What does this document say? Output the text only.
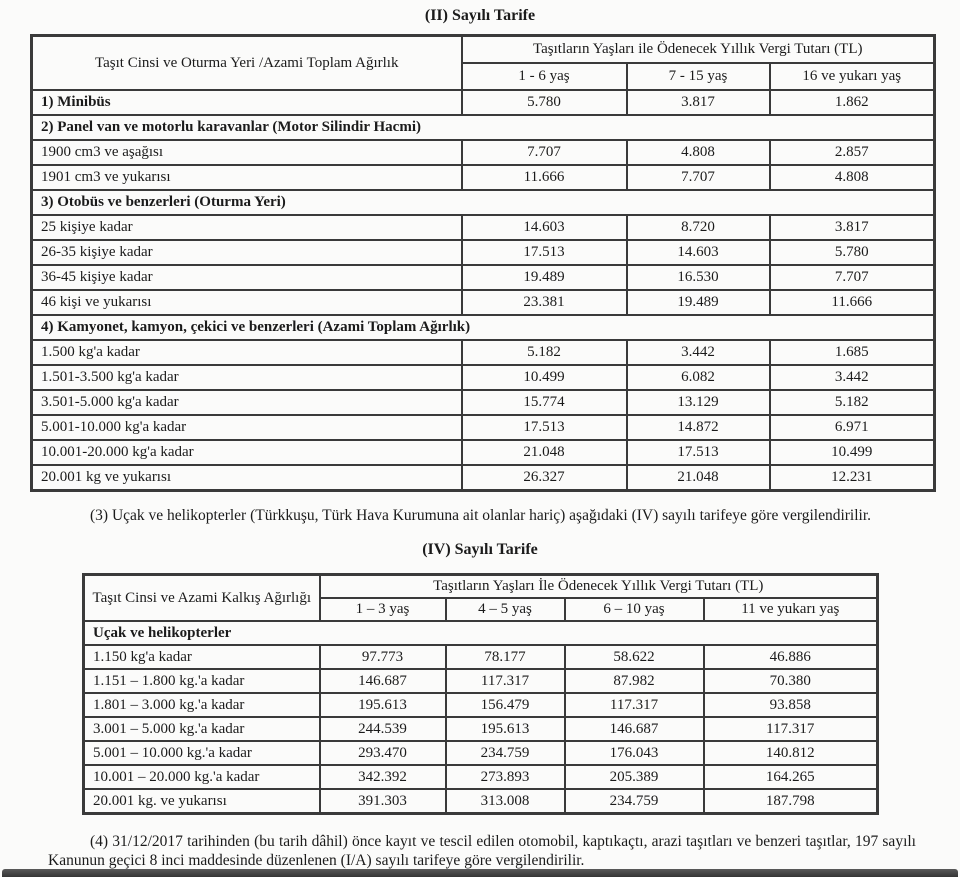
(II) Sayılı Tarife
Taşıt Cinsi ve Oturma Yeri /Azami Toplam Ağırlık	Taşıtların Yaşları ile Ödenecek Yıllık Vergi Tutarı (TL)		
	1 - 6 yaş	7 - 15 yaş	16 ve yukarı yaş
1) Minibüs	5.780	3.817	1.862
2) Panel van ve motorlu karavanlar (Motor Silindir Hacmi)			
1900 cm3 ve aşağısı	7.707	4.808	2.857
1901 cm3 ve yukarısı	11.666	7.707	4.808
3) Otobüs ve benzerleri (Oturma Yeri)			
25 kişiye kadar	14.603	8.720	3.817
26-35 kişiye kadar	17.513	14.603	5.780
36-45 kişiye kadar	19.489	16.530	7.707
46 kişi ve yukarısı	23.381	19.489	11.666
4) Kamyonet, kamyon, çekici ve benzerleri (Azami Toplam Ağırlık)			
1.500 kg'a kadar	5.182	3.442	1.685
1.501-3.500 kg'a kadar	10.499	6.082	3.442
3.501-5.000 kg'a kadar	15.774	13.129	5.182
5.001-10.000 kg'a kadar	17.513	14.872	6.971
10.001-20.000 kg'a kadar	21.048	17.513	10.499
20.001 kg ve yukarısı	26.327	21.048	12.231

(3) Uçak ve helikopterler (Türkkuşu, Türk Hava Kurumuna ait olanlar hariç) aşağıdaki (IV) sayılı tarifeye göre vergilendirilir.

(IV) Sayılı Tarife
Taşıt Cinsi ve Azami Kalkış Ağırlığı	Taşıtların Yaşları İle Ödenecek Yıllık Vergi Tutarı (TL)			
	1 – 3 yaş	4 – 5 yaş	6 – 10 yaş	11 ve yukarı yaş
Uçak ve helikopterler				
1.150 kg'a kadar	97.773	78.177	58.622	46.886
1.151 – 1.800 kg.'a kadar	146.687	117.317	87.982	70.380
1.801 – 3.000 kg.'a kadar	195.613	156.479	117.317	93.858
3.001 – 5.000 kg.'a kadar	244.539	195.613	146.687	117.317
5.001 – 10.000 kg.'a kadar	293.470	234.759	176.043	140.812
10.001 – 20.000 kg.'a kadar	342.392	273.893	205.389	164.265
20.001 kg. ve yukarısı	391.303	313.008	234.759	187.798

(4) 31/12/2017 tarihinden (bu tarih dâhil) önce kayıt ve tescil edilen otomobil, kaptıkaçtı, arazi taşıtları ve benzeri taşıtlar, 197 sayılı Kanunun geçici 8 inci maddesinde düzenlenen (I/A) sayılı tarifeye göre vergilendirilir.
